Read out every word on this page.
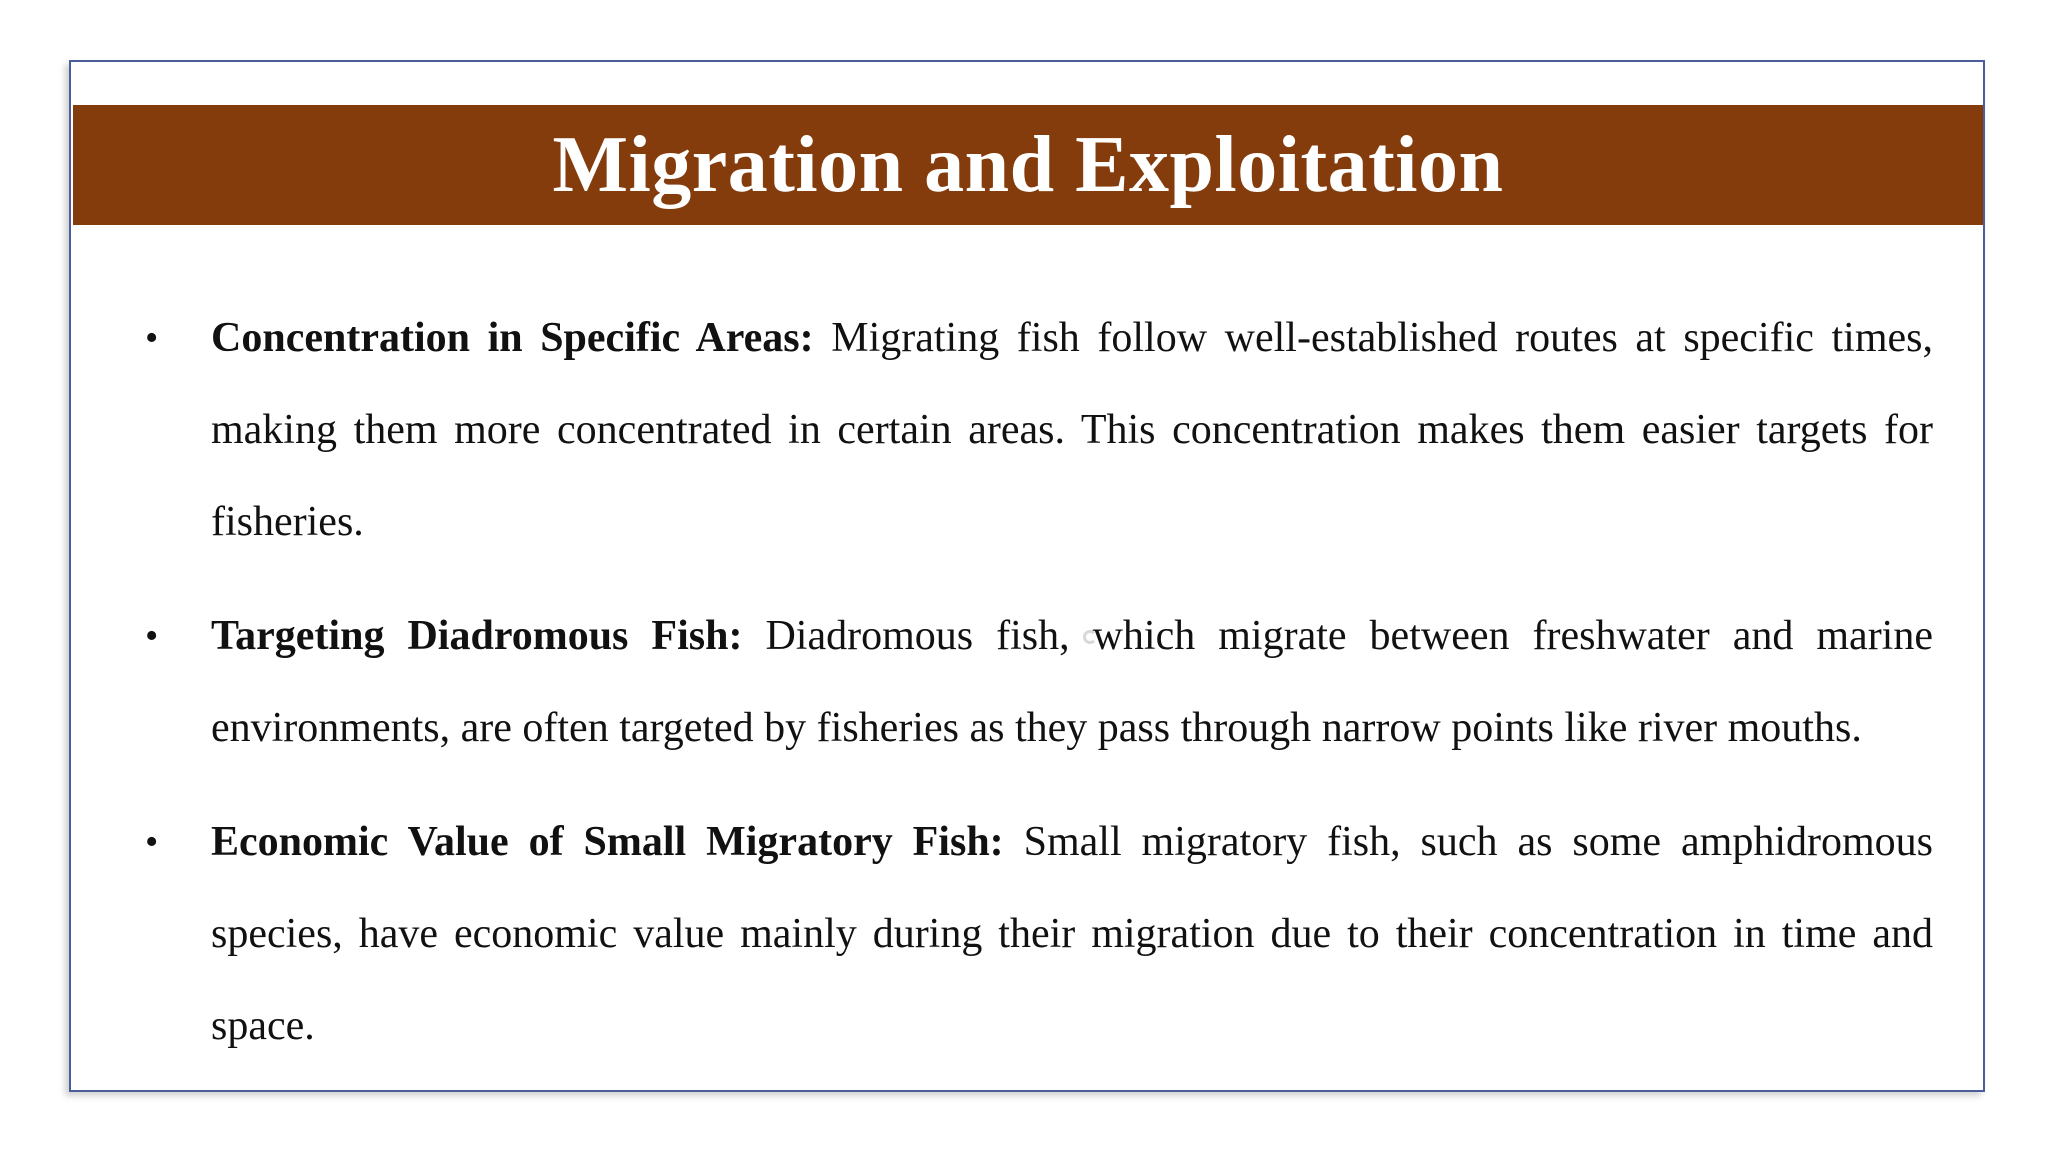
Migration and Exploitation
• Concentration in Specific Areas: Migrating fish follow well-established routes at specific times, making them more concentrated in certain areas. This concentration makes them easier targets for fisheries.
• Targeting Diadromous Fish: Diadromous fish, which migrate between freshwater and marine environments, are often targeted by fisheries as they pass through narrow points like river mouths.
• Economic Value of Small Migratory Fish: Small migratory fish, such as some amphidromous species, have economic value mainly during their migration due to their concentration in time and space.
